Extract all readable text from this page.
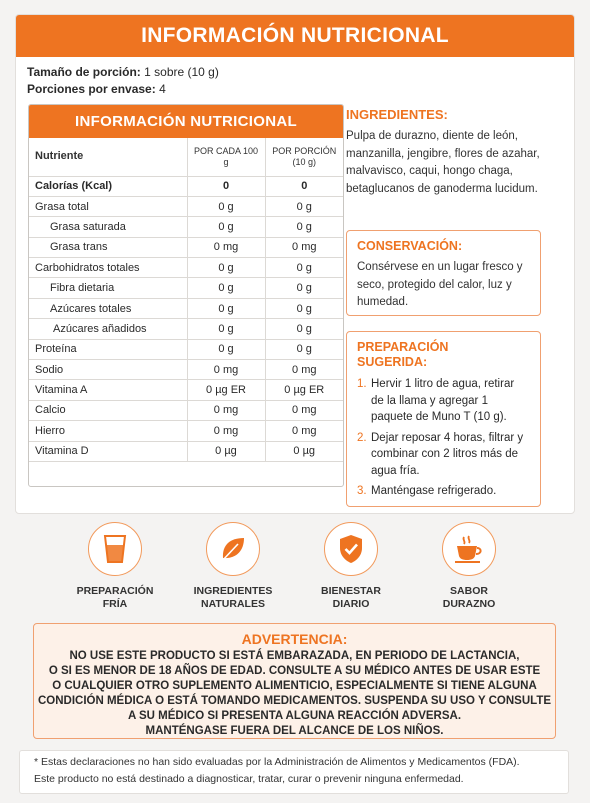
INFORMACIÓN NUTRICIONAL
Tamaño de porción: 1 sobre (10 g)
Porciones por envase: 4
INFORMACIÓN NUTRICIONAL
Nutriente	POR CADA 100 g	POR PORCIÓN (10 g)
Calorías (Kcal)	0	0
Grasa total	0 g	0 g
Grasa saturada	0 g	0 g
Grasa trans	0 mg	0 mg
Carbohidratos totales	0 g	0 g
Fibra dietaria	0 g	0 g
Azúcares totales	0 g	0 g
Azúcares añadidos	0 g	0 g
Proteína	0 g	0 g
Sodio	0 mg	0 mg
Vitamina A	0 µg ER	0 µg ER
Calcio	0 mg	0 mg
Hierro	0 mg	0 mg
Vitamina D	0 µg	0 µg
INGREDIENTES:
Pulpa de durazno, diente de león, manzanilla, jengibre, flores de azahar, malvavisco, caqui, hongo chaga, betaglucanos de ganoderma lucidum.
CONSERVACIÓN:
Consérvese en un lugar fresco y seco, protegido del calor, luz y humedad.
PREPARACIÓN SUGERIDA:
1. Hervir 1 litro de agua, retirar de la llama y agregar 1 paquete de Muno T (10 g).
2. Dejar reposar 4 horas, filtrar y combinar con 2 litros más de agua fría.
3. Manténgase refrigerado.
PREPARACIÓN
FRÍA
INGREDIENTES
NATURALES
BIENESTAR
DIARIO
SABOR
DURAZNO
ADVERTENCIA:
NO USE ESTE PRODUCTO SI ESTÁ EMBARAZADA, EN PERIODO DE LACTANCIA,
O SI ES MENOR DE 18 AÑOS DE EDAD. CONSULTE A SU MÉDICO ANTES DE USAR ESTE
O CUALQUIER OTRO SUPLEMENTO ALIMENTICIO, ESPECIALMENTE SI TIENE ALGUNA
CONDICIÓN MÉDICA O ESTÁ TOMANDO MEDICAMENTOS. SUSPENDA SU USO Y CONSULTE
A SU MÉDICO SI PRESENTA ALGUNA REACCIÓN ADVERSA.
MANTÉNGASE FUERA DEL ALCANCE DE LOS NIÑOS.
* Estas declaraciones no han sido evaluadas por la Administración de Alimentos y Medicamentos (FDA).
Este producto no está destinado a diagnosticar, tratar, curar o prevenir ninguna enfermedad.
